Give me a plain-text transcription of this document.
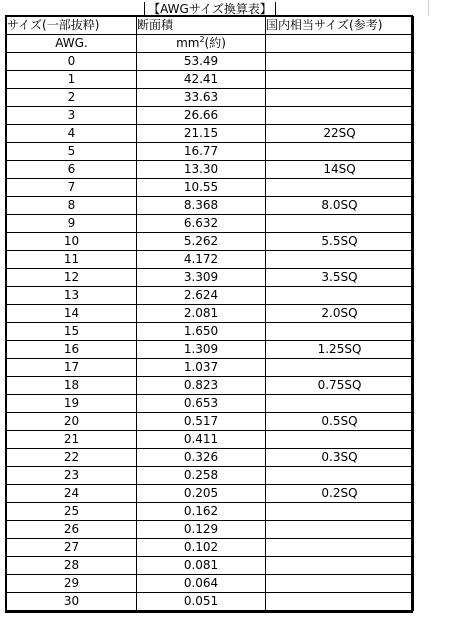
【AWGサイズ換算表】
サイズ(一部抜粋)	断面積	国内相当サイズ(参考)
AWG.	$mm^2$(約)	
0	53.49	
1	42.41	
2	33.63	
3	26.66	
4	21.15	22SQ
5	16.77	
6	13.30	14SQ
7	10.55	
8	8.368	8.0SQ
9	6.632	
10	5.262	5.5SQ
11	4.172	
12	3.309	3.5SQ
13	2.624	
14	2.081	2.0SQ
15	1.650	
16	1.309	1.25SQ
17	1.037	
18	0.823	0.75SQ
19	0.653	
20	0.517	0.5SQ
21	0.411	
22	0.326	0.3SQ
23	0.258	
24	0.205	0.2SQ
25	0.162	
26	0.129	
27	0.102	
28	0.081	
29	0.064	
30	0.051	
